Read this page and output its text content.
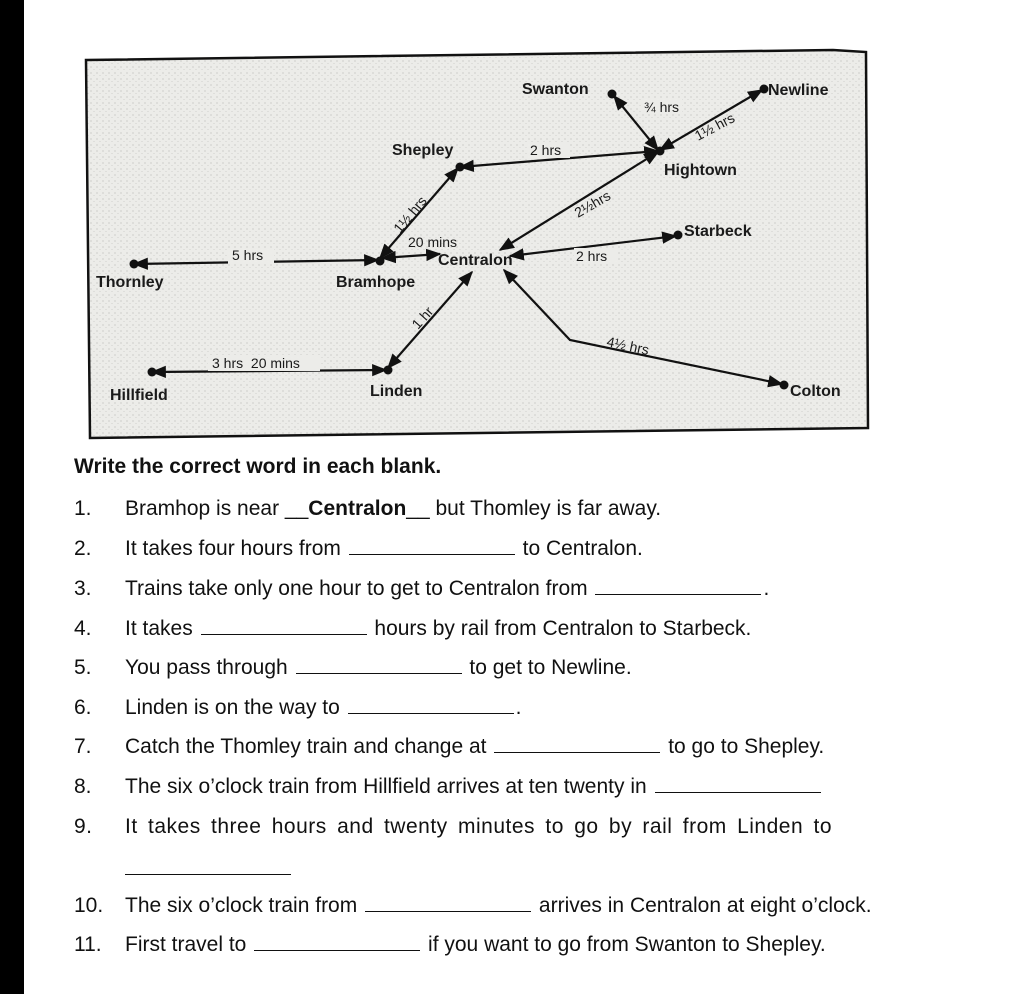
Swanton	Newline
Hightown
Shepley
Starbeck
Centralon
Bramhope
Thornley
Hillfield	Linden	Colton
¾ hrs
1½ hrs
2 hrs
2½hrs
1½ hrs
20 mins
5 hrs	2 hrs
1 hr
3 hrs  20 mins
4½ hrs

Write the correct word in each blank.

1. Bramhop is near __Centralon__ but Thomley is far away.
2. It takes four hours from	to Centralon.
3. Trains take only one hour to get to Centralon from	.
4. It takes	hours by rail from Centralon to Starbeck.
5. You pass through	to get to Newline.
6. Linden is on the way to	.
7. Catch the Thomley train and change at	to go to Shepley.
8. The six o’clock train from Hillfield arrives at ten twenty in
9. It takes three hours and twenty minutes to go by rail from Linden to
10. The six o’clock train from	arrives in Centralon at eight o’clock.
11. First travel to	if you want to go from Swanton to Shepley.
